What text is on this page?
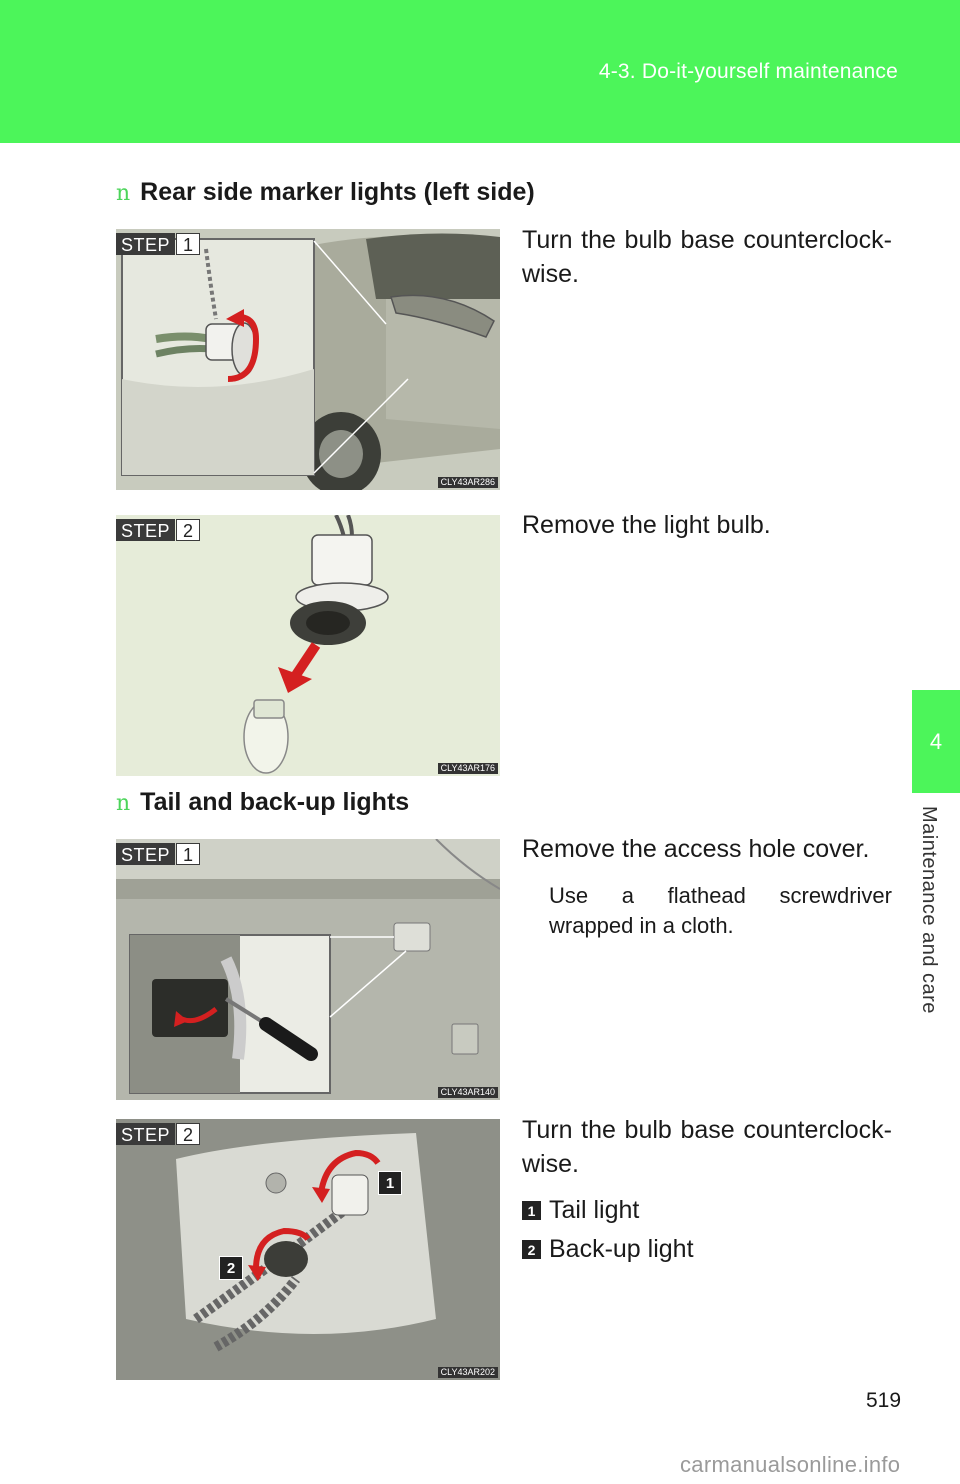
4-3. Do-it-yourself maintenance
4
Maintenance and care
n Rear side marker lights (left side)
STEP 1
CLY43AR286
Turn the bulb base counterclock-wise.
STEP 2
CLY43AR176
Remove the light bulb.
n Tail and back-up lights
STEP 1
CLY43AR140
Remove the access hole cover.
Use a flathead screwdriver wrapped in a cloth.
1
2
STEP 2
CLY43AR202
Turn the bulb base counterclock-wise.
1 Tail light
2 Back-up light
519
carmanualsonline.info
